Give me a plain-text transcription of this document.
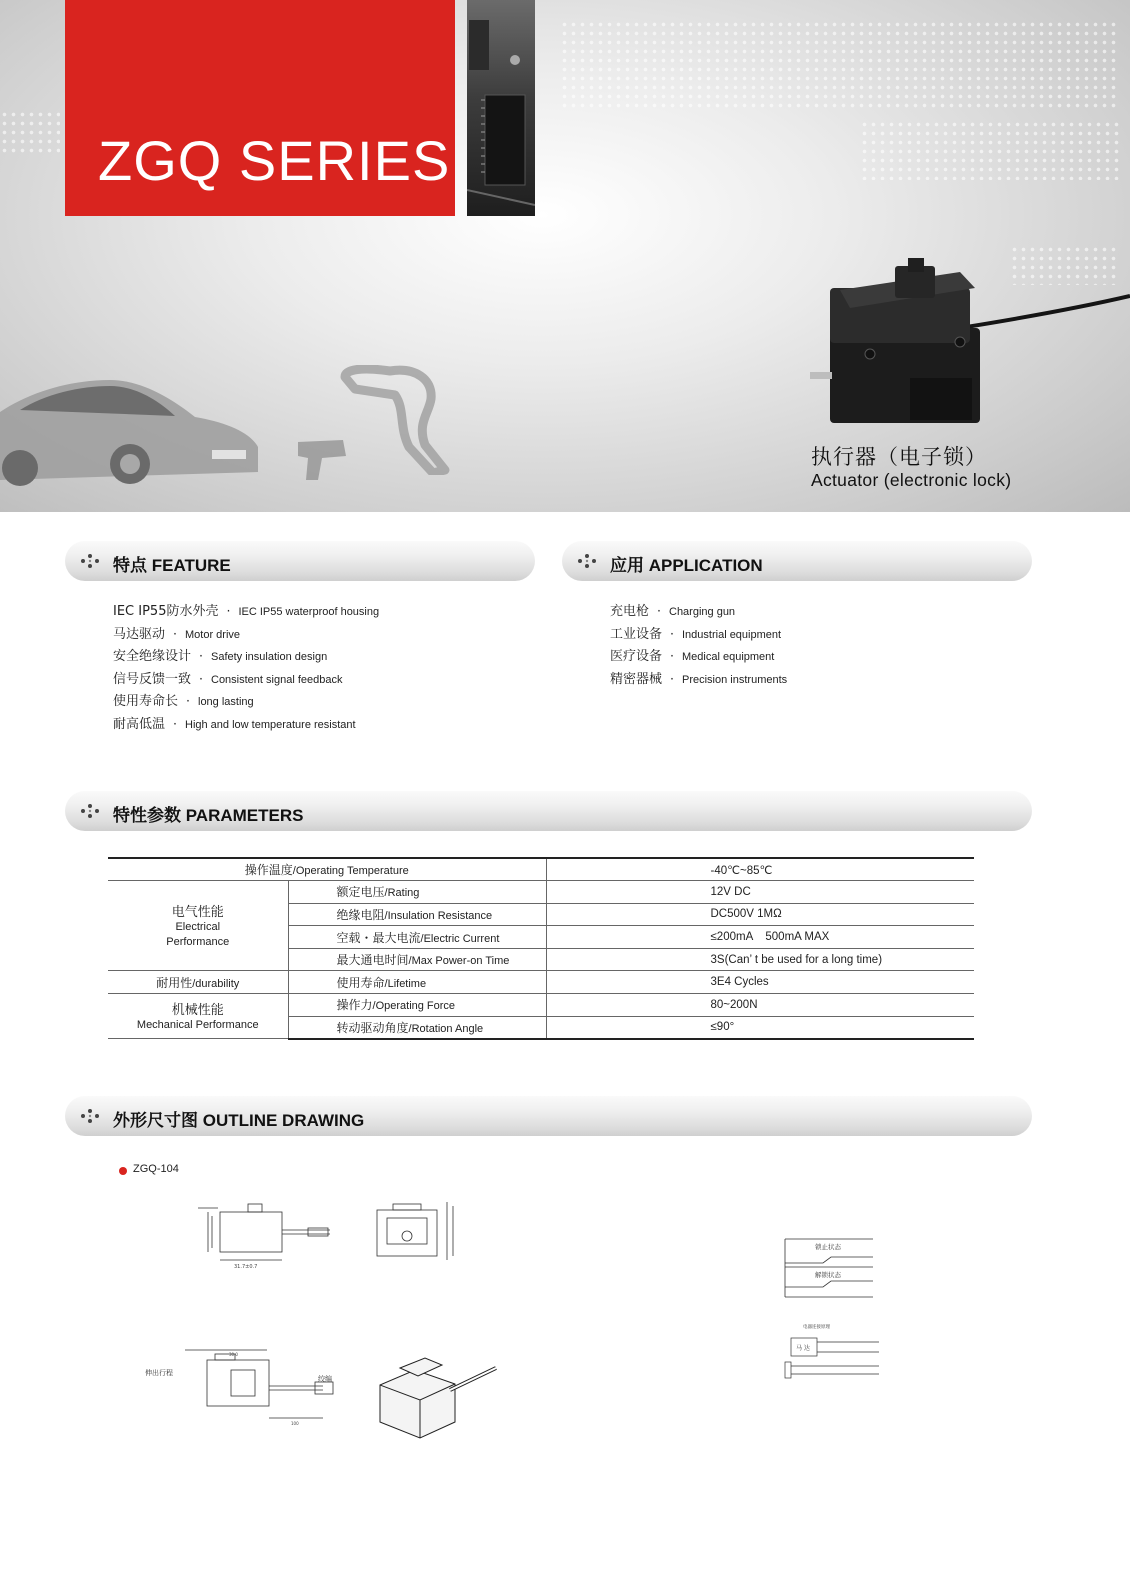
ZGQ SERIES
执行器（电子锁）
Actuator (electronic lock)
特点 FEATURE
IEC IP55防水外壳 · IEC IP55 waterproof housing
马达驱动 · Motor drive
安全绝缘设计 · Safety insulation design
信号反馈一致 · Consistent signal feedback
使用寿命长 · long lasting
耐高低温 · High and low temperature resistant
应用 APPLICATION
充电枪 · Charging gun
工业设备 · Industrial equipment
医疗设备 · Medical equipment
精密器械 · Precision instruments
特性参数 PARAMETERS
操作温度/Operating Temperature		-40℃~85℃

电气性能
Electrical
Performance	额定电压/Rating	12V DC
	绝缘电阻/Insulation Resistance	DC500V 1MΩ
	空载・最大电流/Electric Current	≤200mA    500mA MAX
	最大通电时间/Max Power-on Time	3S(Can’ t be used for a long time)
耐用性/durability	使用寿命/Lifetime	3E4 Cycles

机械性能
Mechanical Performance	操作力/Operating Force	80~200N
	转动驱动角度/Rotation Angle	≤90°
外形尺寸图 OUTLINE DRAWING
ZGQ-104
31.7±0.7
伸出行程
绞编
30.0
100
锁止状态
解锁状态
电器连接原理
马 达
